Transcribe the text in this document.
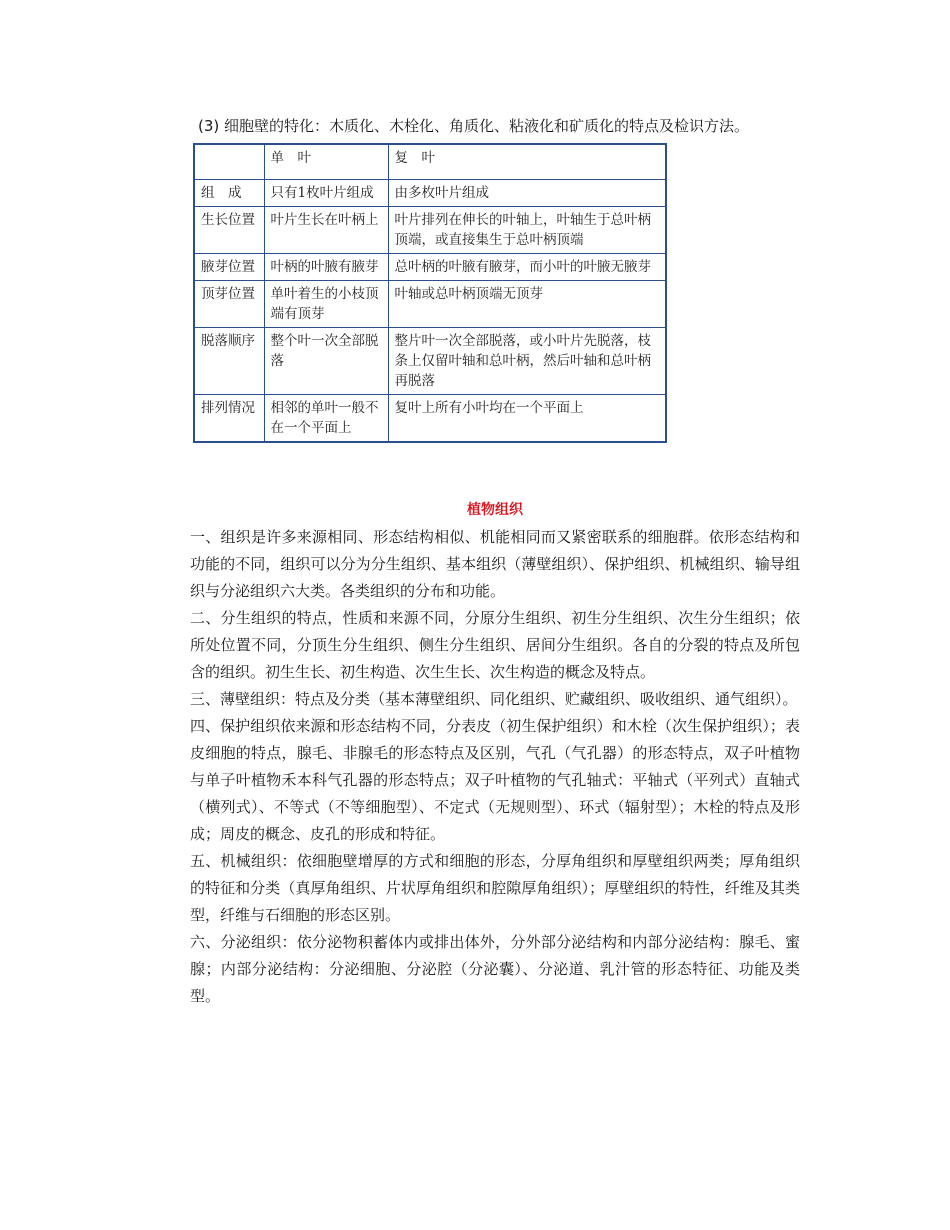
(3) 细胞壁的特化：木质化、木栓化、角质化、粘液化和矿质化的特点及检识方法。
	单　叶	复　叶
组　成	只有1枚叶片组成	由多枚叶片组成
生长位置	叶片生长在叶柄上	叶片排列在伸长的叶轴上，叶轴生于总叶柄顶端，或直接集生于总叶柄顶端
腋芽位置	叶柄的叶腋有腋芽	总叶柄的叶腋有腋芽，而小叶的叶腋无腋芽
顶芽位置	单叶着生的小枝顶端有顶芽	叶轴或总叶柄顶端无顶芽
脱落顺序	整个叶一次全部脱落	整片叶一次全部脱落，或小叶片先脱落，枝条上仅留叶轴和总叶柄，然后叶轴和总叶柄再脱落
排列情况	相邻的单叶一般不在一个平面上	复叶上所有小叶均在一个平面上
植物组织

一、组织是许多来源相同、形态结构相似、机能相同而又紧密联系的细胞群。依形态结构和功能的不同，组织可以分为分生组织、基本组织（薄壁组织）、保护组织、机械组织、输导组织与分泌组织六大类。各类组织的分布和功能。

二、分生组织的特点，性质和来源不同，分原分生组织、初生分生组织、次生分生组织；依所处位置不同，分顶生分生组织、侧生分生组织、居间分生组织。各自的分裂的特点及所包含的组织。初生生长、初生构造、次生生长、次生构造的概念及特点。

三、薄壁组织：特点及分类（基本薄壁组织、同化组织、贮藏组织、吸收组织、通气组织）。

四、保护组织依来源和形态结构不同，分表皮（初生保护组织）和木栓（次生保护组织）；表皮细胞的特点，腺毛、非腺毛的形态特点及区别，气孔（气孔器）的形态特点，双子叶植物与单子叶植物禾本科气孔器的形态特点；双子叶植物的气孔轴式：平轴式（平列式）直轴式（横列式）、不等式（不等细胞型）、不定式（无规则型）、环式（辐射型）；木栓的特点及形成；周皮的概念、皮孔的形成和特征。

五、机械组织：依细胞壁增厚的方式和细胞的形态，分厚角组织和厚壁组织两类；厚角组织的特征和分类（真厚角组织、片状厚角组织和腔隙厚角组织）；厚壁组织的特性，纤维及其类型，纤维与石细胞的形态区别。

六、分泌组织：依分泌物积蓄体内或排出体外，分外部分泌结构和内部分泌结构：腺毛、蜜腺；内部分泌结构：分泌细胞、分泌腔（分泌囊）、分泌道、乳汁管的形态特征、功能及类型。
